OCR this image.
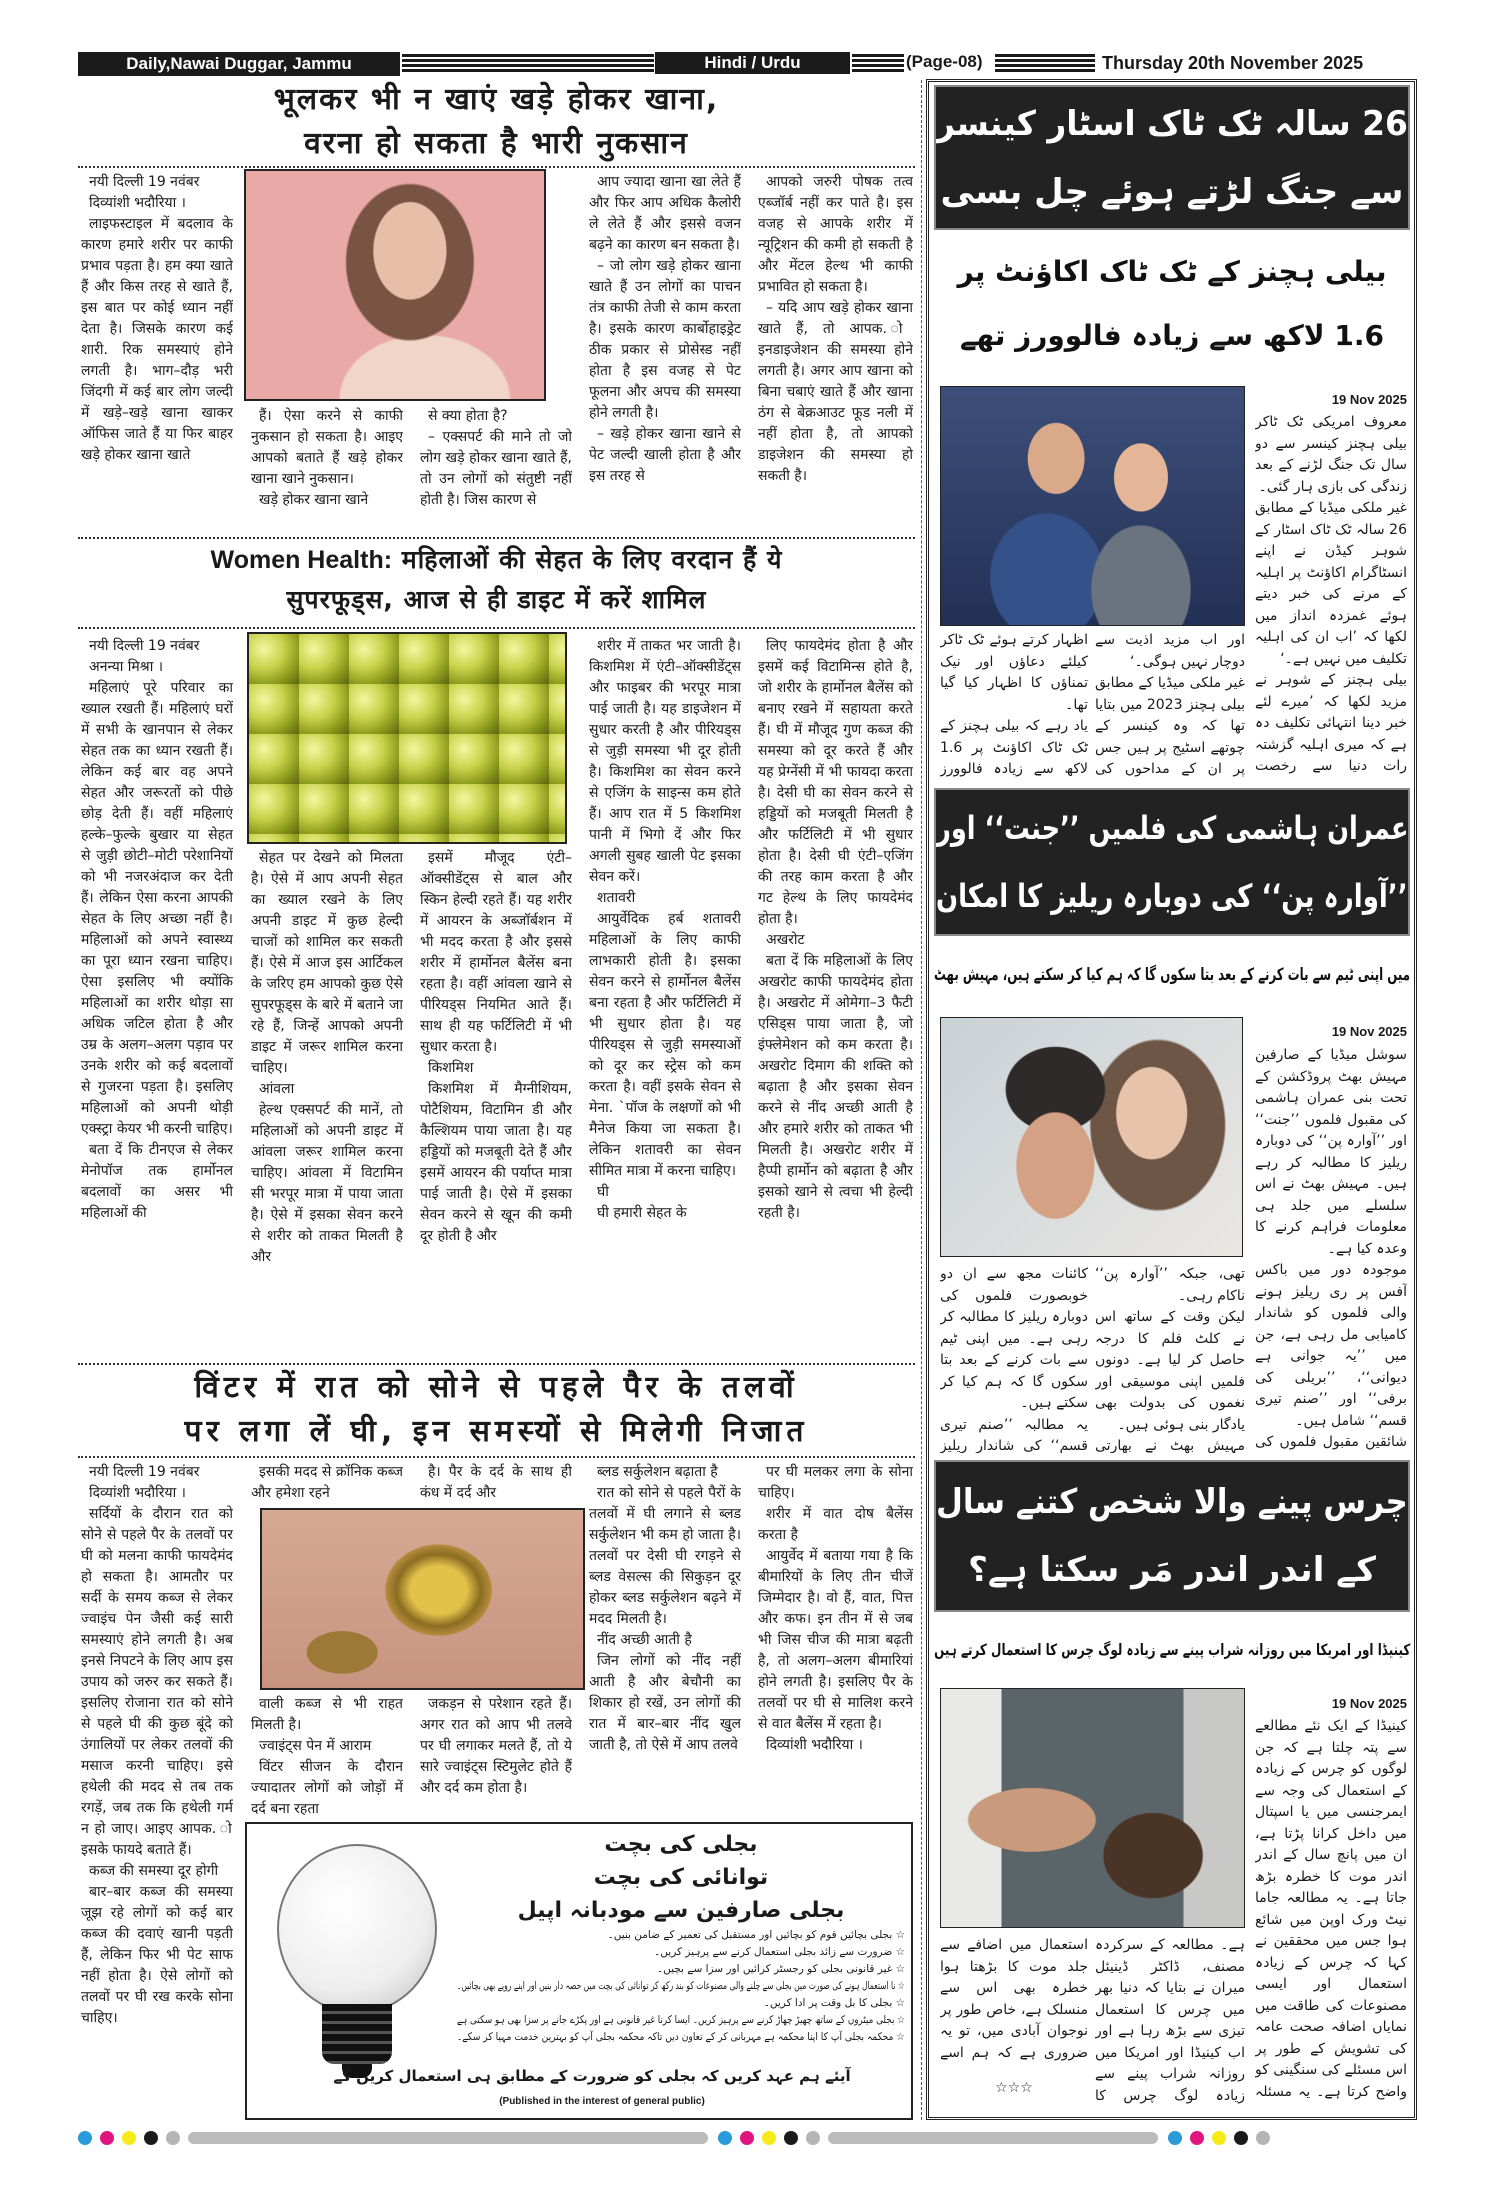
Daily,Nawai Duggar, Jammu	Hindi / Urdu	(Page-08)	Thursday 20th November 2025
भूलकर भी न खाएं खड़े होकर खाना,
वरना हो सकता है भारी नुकसान

नयी दिल्ली 19 नवंबर

दिव्यांशी भदौरिया ।

लाइफस्टाइल में बदलाव के कारण हमारे शरीर पर काफी प्रभाव पड़ता है। हम क्या खाते हैं और किस तरह से खाते हैं, इस बात पर कोई ध्यान नहीं देता है। जिसके कारण कई शारी. रिक समस्याएं होने लगती है। भाग–दौड़ भरी जिंदगी में कई बार लोग जल्दी में खड़े–खड़े खाना खाकर ऑफिस जाते हैं या फिर बाहर खड़े होकर खाना खाते

हैं। ऐसा करने से काफी नुकसान हो सकता है। आइए आपको बताते हैं खड़े होकर खाना खाने नुकसान।

खड़े होकर खाना खाने

से क्या होता है?

– एक्सपर्ट की माने तो जो लोग खड़े होकर खाना खाते हैं, तो उन लोगों को संतुष्टी नहीं होती है। जिस कारण से

आप ज्यादा खाना खा लेते हैं और फिर आप अधिक कैलोरी ले लेते हैं और इससे वजन बढ़ने का कारण बन सकता है।

– जो लोग खड़े होकर खाना खाते हैं उन लोगों का पाचन तंत्र काफी तेजी से काम करता है। इसके कारण कार्बोहाइड्रेट ठीक प्रकार से प्रोसेस्ड नहीं होता है इस वजह से पेट फूलना और अपच की समस्या होने लगती है।

– खड़े होकर खाना खाने से पेट जल्दी खाली होता है और इस तरह से

आपको जरुरी पोषक तत्व एब्जॉर्ब नहीं कर पाते है। इस वजह से आपके शरीर में न्यूट्रिशन की कमी हो सकती है और मेंटल हेल्थ भी काफी प्रभावित हो सकता है।

– यदि आप खड़े होकर खाना खाते हैं, तो आपक. ो इनडाइजेशन की समस्या होने लगती है। अगर आप खाना को बिना चबाएं खाते हैं और खाना ठंग से बेक्रआउट फूड नली में नहीं होता है, तो आपको डाइजेशन की समस्या हो सकती है।

Women Health: महिलाओं की सेहत के लिए वरदान हैं ये
सुपरफूड्स, आज से ही डाइट में करें शामिल

नयी दिल्ली 19 नवंबर

अनन्या मिश्रा ।

महिलाएं पूरे परिवार का ख्याल रखती हैं। महिलाएं घरों में सभी के खानपान से लेकर सेहत तक का ध्यान रखती हैं। लेकिन कई बार वह अपने सेहत और जरूरतों को पीछे छोड़ देती हैं। वहीं महिलाएं हल्के–फुल्के बुखार या सेहत से जुड़ी छोटी–मोटी परेशानियों को भी नजरअंदाज कर देती हैं। लेकिन ऐसा करना आपकी सेहत के लिए अच्छा नहीं है। महिलाओं को अपने स्वास्थ्य का पूरा ध्यान रखना चाहिए। ऐसा इसलिए भी क्योंकि महिलाओं का शरीर थोड़ा सा अधिक जटिल होता है और उम्र के अलग–अलग पड़ाव पर उनके शरीर को कई बदलावों से गुजरना पड़ता है। इसलिए महिलाओं को अपनी थोड़ी एक्स्ट्रा केयर भी करनी चाहिए।

बता दें कि टीनएज से लेकर मेनोपॉज तक हार्मोनल बदलावों का असर भी महिलाओं की

सेहत पर देखने को मिलता है। ऐसे में आप अपनी सेहत का ख्याल रखने के लिए अपनी डाइट में कुछ हेल्दी चाजों को शामिल कर सकती हैं। ऐसे में आज इस आर्टिकल के जरिए हम आपको कुछ ऐसे सुपरफूड्स के बारे में बताने जा रहे हैं, जिन्हें आपको अपनी डाइट में जरूर शामिल करना चाहिए।

आंवला

हेल्थ एक्सपर्ट की मानें, तो महिलाओं को अपनी डाइट में आंवला जरूर शामिल करना चाहिए। आंवला में विटामिन सी भरपूर मात्रा में पाया जाता है। ऐसे में इसका सेवन करने से शरीर को ताकत मिलती है और

इसमें मौजूद एंटी–ऑक्सीडेंट्स से बाल और स्किन हेल्दी रहते हैं। यह शरीर में आयरन के अब्जॉर्बशन में भी मदद करता है और इससे शरीर में हार्मोनल बैलेंस बना रहता है। वहीं आंवला खाने से पीरियड्स नियमित आते हैं। साथ ही यह फर्टिलिटी में भी सुधार करता है।

किशमिश

किशमिश में मैग्नीशियम, पोटैशियम, विटामिन डी और कैल्शियम पाया जाता है। यह हड्डियों को मजबूती देते हैं और इसमें आयरन की पर्याप्त मात्रा पाई जाती है। ऐसे में इसका सेवन करने से खून की कमी दूर होती है और

शरीर में ताकत भर जाती है। किशमिश में एंटी–ऑक्सीडेंट्स और फाइबर की भरपूर मात्रा पाई जाती है। यह डाइजेशन में सुधार करती है और पीरियड्स से जुड़ी समस्या भी दूर होती है। किशमिश का सेवन करने से एजिंग के साइन्स कम होते हैं। आप रात में 5 किशमिश पानी में भिगो दें और फिर अगली सुबह खाली पेट इसका सेवन करें।

शतावरी

आयुर्वेदिक हर्ब शतावरी महिलाओं के लिए काफी लाभकारी होती है। इसका सेवन करने से हार्मोनल बैलेंस बना रहता है और फर्टिलिटी में भी सुधार होता है। यह पीरियड्स से जुड़ी समस्याओं को दूर कर स्ट्रेस को कम करता है। वहीं इसके सेवन से मेना. `पॉज के लक्षणों को भी मैनेज किया जा सकता है। लेकिन शतावरी का सेवन सीमित मात्रा में करना चाहिए।

घी

घी हमारी सेहत के

लिए फायदेमंद होता है और इसमें कई विटामिन्स होते है, जो शरीर के हार्मोनल बैलेंस को बनाए रखने में सहायता करते हैं। घी में मौजूद गुण कब्ज की समस्या को दूर करते हैं और यह प्रेग्नेंसी में भी फायदा करता है। देसी घी का सेवन करने से हड्डियों को मजबूती मिलती है और फर्टिलिटी में भी सुधार होता है। देसी घी एंटी–एजिंग की तरह काम करता है और गट हेल्थ के लिए फायदेमंद होता है।

अखरोट

बता दें कि महिलाओं के लिए अखरोट काफी फायदेमंद होता है। अखरोट में ओमेगा–3 फैटी एसिड्स पाया जाता है, जो इंफ्लेमेशन को कम करता है। अखरोट दिमाग की शक्ति को बढ़ाता है और इसका सेवन करने से नींद अच्छी आती है और हमारे शरीर को ताकत भी मिलती है। अखरोट शरीर में हैप्पी हार्मोन को बढ़ाता है और इसको खाने से त्वचा भी हेल्दी रहती है।

विंटर में रात को सोने से पहले पैर के तलवों
पर लगा लें घी, इन समस्यों से मिलेगी निजात

नयी दिल्ली 19 नवंबर

दिव्यांशी भदौरिया ।

सर्दियों के दौरान रात को सोने से पहले पैर के तलवों पर घी को मलना काफी फायदेमंद हो सकता है। आमतौर पर सर्दी के समय कब्ज से लेकर ज्वाइंच पेन जैसी कई सारी समस्याएं होने लगती है। अब इनसे निपटने के लिए आप इस उपाय को जरुर कर सकते हैं। इसलिए रोजाना रात को सोने से पहले घी की कुछ बूंदे को उंगालियों पर लेकर तलवों की मसाज करनी चाहिए। इसे हथेली की मदद से तब तक रगड़ें, जब तक कि हथेली गर्म न हो जाए। आइए आपक. ो इसके फायदे बताते हैं।

कब्ज की समस्या दूर होगी

बार–बार कब्ज की समस्या जूझ रहे लोगों को कई बार कब्ज की दवाएं खानी पड़ती हैं, लेकिन फिर भी पेट साफ नहीं होता है। ऐसे लोगों को तलवों पर घी रख करके सोना चाहिए।

इसकी मदद से क्रॉनिक कब्ज और हमेशा रहने

है। पैर के दर्द के साथ ही कंध में दर्द और

ब्लड सर्कुलेशन बढ़ाता है

रात को सोने से पहले पैरों के तलवों में घी लगाने से ब्लड सर्कुलेशन भी कम हो जाता है। तलवों पर देसी घी रगड़ने से ब्लड वेसल्स की सिकुड़न दूर होकर ब्लड सर्कुलेशन बढ़ने में मदद मिलती है।

नींद अच्छी आती है

जिन लोगों को नींद नहीं आती है और बेचौनी का शिकार हो रखें, उन लोगों की रात में बार–बार नींद खुल जाती है, तो ऐसे में आप तलवे

पर घी मलकर लगा के सोना चाहिए।

शरीर में वात दोष बैलेंस करता है

आयुर्वेद में बताया गया है कि बीमारियों के लिए तीन चीजें जिम्मेदार है। वो हैं, वात, पित्त और कफ। इन तीन में से जब भी जिस चीज की मात्रा बढ़ती है, तो अलग–अलग बीमारियां होने लगती है। इसलिए पैर के तलवों पर घी से मालिश करने से वात बैलेंस में रहता है।

दिव्यांशी भदौरिया ।

वाली कब्ज से भी राहत मिलती है।

ज्वाइंट्स पेन में आराम

विंटर सीजन के दौरान ज्यादातर लोगों को जोड़ों में दर्द बना रहता

जकड़न से परेशान रहते हैं। अगर रात को आप भी तलवे पर घी लगाकर मलते हैं, तो ये सारे ज्वाइंट्स स्टिमुलेट होते हैं और दर्द कम होता है।

بجلی کی بچت
توانائی کی بچت
بجلی صارفین سے مودبانہ اپیل
☆ بجلی بچائیں قوم کو بچائیں اور مستقبل کی تعمیر کے ضامن بنیں۔
☆ ضرورت سے زائد بجلی استعمال کرنے سے پرہیز کریں۔
☆ غیر قانونی بجلی کو رجسٹر کرائیں اور سزا سے بچیں۔
☆ نا استعمال ہونے کی صورت میں بجلی سے چلنے والی مصنوعات کو بند رکھ کر توانائی کی بچت میں حصہ دار بنیں اور اپنے روپے بھی بچائیں۔
☆ بجلی کا بل وقت پر ادا کریں۔
☆ بجلی میٹروں کے ساتھ چھیڑ چھاڑ کرنے سے پرہیز کریں۔ ایسا کرنا غیر قانونی ہے اور پکڑے جانے پر سزا بھی ہو سکتی ہے
☆ محکمہ بجلی آپ کا اپنا محکمہ ہے مہربانی کر کے تعاون دیں تاکہ محکمہ بجلی آپ کو بہترین خدمت مہیا کر سکے۔
آیئے ہم عہد کریں کہ بجلی کو ضرورت کے مطابق ہی استعمال کریں گے
(Published in the interest of general public)
26 سالہ ٹک ٹاک اسٹار کینسر
سے جنگ لڑتے ہوئے چل بسی
بیلی ہچنز کے ٹک ٹاک اکاؤنٹ پر
1.6 لاکھ سے زیادہ فالوورز تھے
19 Nov 2025

معروف امریکی ٹک ٹاکر بیلی ہچنز کینسر سے دو سال تک جنگ لڑنے کے بعد زندگی کی بازی ہار گئی۔

غیر ملکی میڈیا کے مطابق 26 سالہ ٹک ٹاک اسٹار کے شوہر کیڈن نے اپنے انسٹاگرام اکاؤنٹ پر اہلیہ کے مرنے کی خبر دیتے ہوئے غمزدہ انداز میں لکھا کہ ’اب ان کی اہلیہ تکلیف میں نہیں ہے۔‘

بیلی ہچنز کے شوہر نے مزید لکھا کہ ’میرے لئے خبر دینا انتہائی تکلیف دہ ہے کہ میری اہلیہ گزشتہ رات دنیا سے رخصت

اور اب مزید اذیت سے دوچار نہیں ہوگی۔‘

غیر ملکی میڈیا کے مطابق بیلی ہچنز 2023 میں بتایا تھا کہ وہ کینسر کے چوتھے اسٹیج پر ہیں جس پر ان کے مداحوں کی

اظہار کرتے ہوئے ٹک ٹاکر کیلئے دعاؤں اور نیک تمناؤں کا اظہار کیا گیا تھا۔

یاد رہے کہ بیلی ہچنز کے ٹک ٹاک اکاؤنٹ پر 1.6 لاکھ سے زیادہ فالوورز

عمران ہاشمی کی فلمیں ’’جنت‘‘ اور
’’آوارہ پن‘‘ کی دوبارہ ریلیز کا امکان
میں اپنی ٹیم سے بات کرنے کے بعد بتا سکوں گا کہ ہم کیا کر سکتے ہیں، مہیش بھٹ
19 Nov 2025

سوشل میڈیا کے صارفین مہیش بھٹ پروڈکشن کے تحت بنی عمران ہاشمی کی مقبول فلموں ’’جنت‘‘ اور ’’آوارہ پن‘‘ کی دوبارہ ریلیز کا مطالبہ کر رہے ہیں۔ مہیش بھٹ نے اس سلسلے میں جلد ہی معلومات فراہم کرنے کا وعدہ کیا ہے۔

موجودہ دور میں باکس آفس پر ری ریلیز ہونے والی فلموں کو شاندار کامیابی مل رہی ہے، جن میں ’’یہ جوانی ہے دیوانی‘‘، ’’بریلی کی برفی‘‘ اور ’’صنم تیری قسم‘‘ شامل ہیں۔

شائقین مقبول فلموں کی

تھی، جبکہ ’’آوارہ پن‘‘ ناکام رہی۔

لیکن وقت کے ساتھ اس نے کلٹ فلم کا درجہ حاصل کر لیا ہے۔ دونوں فلمیں اپنی موسیقی اور نغموں کی بدولت بھی یادگار بنی ہوئی ہیں۔

مہیش بھٹ نے بھارتی

کائنات مجھ سے ان دو خوبصورت فلموں کی دوبارہ ریلیز کا مطالبہ کر رہی ہے۔ میں اپنی ٹیم سے بات کرنے کے بعد بتا سکوں گا کہ ہم کیا کر سکتے ہیں۔

یہ مطالبہ ’’صنم تیری قسم‘‘ کی شاندار ریلیز

چرس پینے والا شخص کتنے سال
کے اندر اندر مَر سکتا ہے؟
کینیڈا اور امریکا میں روزانہ شراب پینے سے زیادہ لوگ چرس کا استعمال کرتے ہیں
19 Nov 2025

کینیڈا کے ایک نئے مطالعے سے پتہ چلتا ہے کہ جن لوگوں کو چرس کے زیادہ کے استعمال کی وجہ سے ایمرجنسی میں یا اسپتال میں داخل کرانا پڑتا ہے، ان میں پانچ سال کے اندر اندر موت کا خطرہ بڑھ جاتا ہے۔ یہ مطالعہ جاما نیٹ ورک اوپن میں شائع ہوا جس میں محققین نے کہا کہ چرس کے زیادہ استعمال اور ایسی مصنوعات کی طاقت میں نمایاں اضافہ صحت عامہ کی تشویش کے طور پر اس مسئلے کی سنگینی کو واضح کرتا ہے۔ یہ مسئلہ

ہے۔ مطالعہ کے سرکردہ مصنف، ڈاکٹر ڈینیئل میران نے بتایا کہ دنیا بھر میں چرس کا استعمال تیزی سے بڑھ رہا ہے اور اب کینیڈا اور امریکا میں روزانہ شراب پینے سے زیادہ لوگ چرس کا

استعمال میں اضافے سے جلد موت کا بڑھتا ہوا خطرہ بھی اس سے منسلک ہے، خاص طور پر نوجوان آبادی میں، تو یہ ضروری ہے کہ ہم اسے

☆☆☆
